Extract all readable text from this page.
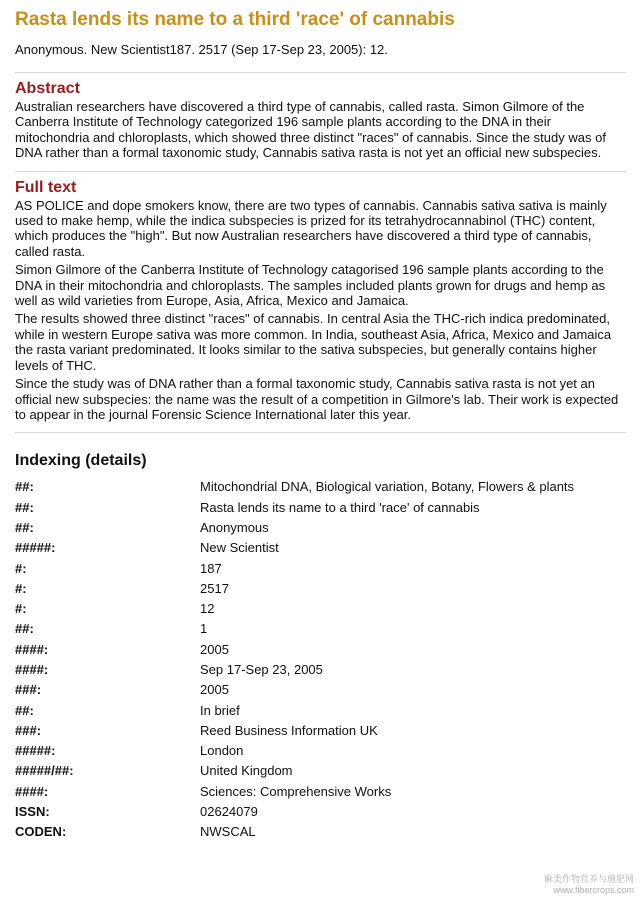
Rasta lends its name to a third 'race' of cannabis
Anonymous. New Scientist187. 2517 (Sep 17-Sep 23, 2005): 12.
Abstract

Australian researchers have discovered a third type of cannabis, called rasta. Simon Gilmore of the Canberra Institute of Technology categorized 196 sample plants according to the DNA in their mitochondria and chloroplasts, which showed three distinct "races" of cannabis. Since the study was of DNA rather than a formal taxonomic study, Cannabis sativa rasta is not yet an official new subspecies.

Full text

AS POLICE and dope smokers know, there are two types of cannabis. Cannabis sativa sativa is mainly used to make hemp, while the indica subspecies is prized for its tetrahydrocannabinol (THC) content, which produces the "high". But now Australian researchers have discovered a third type of cannabis, called rasta.

Simon Gilmore of the Canberra Institute of Technology catagorised 196 sample plants according to the DNA in their mitochondria and chloroplasts. The samples included plants grown for drugs and hemp as well as wild varieties from Europe, Asia, Africa, Mexico and Jamaica.

The results showed three distinct "races" of cannabis. In central Asia the THC-rich indica predominated, while in western Europe sativa was more common. In India, southeast Asia, Africa, Mexico and Jamaica the rasta variant predominated. It looks similar to the sativa subspecies, but generally contains higher levels of THC.

Since the study was of DNA rather than a formal taxonomic study, Cannabis sativa rasta is not yet an official new subspecies: the name was the result of a competition in Gilmore's lab. Their work is expected to appear in the journal Forensic Science International later this year.

Indexing (details)
##:	Mitochondrial DNA, Biological variation, Botany, Flowers & plants
##:	Rasta lends its name to a third 'race' of cannabis
##:	Anonymous
#####:	New Scientist
#:	187
#:	2517
#:	12
##:	1
####:	2005
####:	Sep 17-Sep 23, 2005
###:	2005
##:	In brief
###:	Reed Business Information UK
#####:	London
#####/##:	United Kingdom
####:	Sciences: Comprehensive Works
ISSN:	02624079
CODEN:	NWSCAL
麻类作物营养与施肥网
www.fibercrops.com
